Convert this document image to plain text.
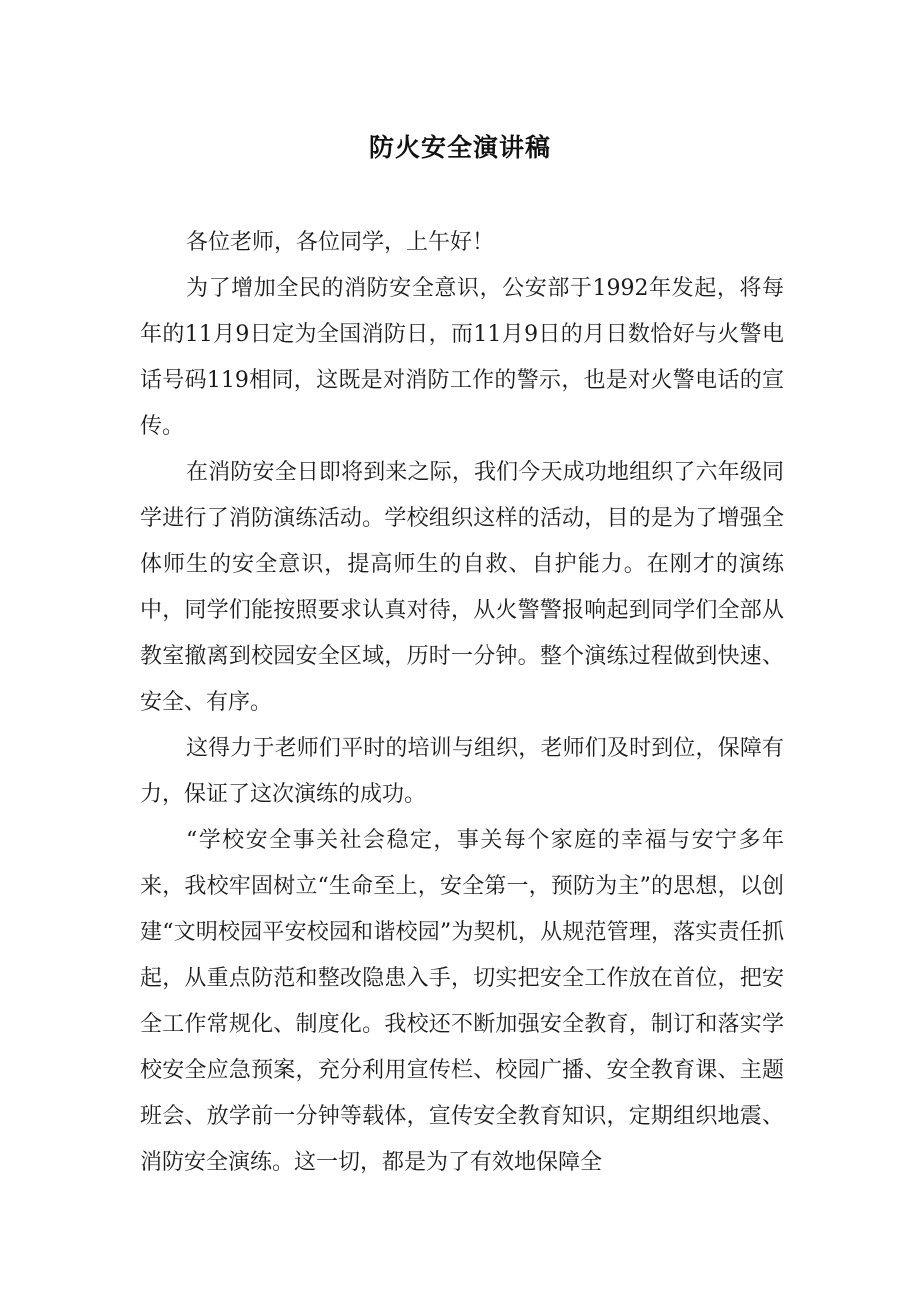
防火安全演讲稿

各位老师，各位同学，上午好！

为了增加全民的消防安全意识，公安部于1992年发起，将每年的11月9日定为全国消防日，而11月9日的月日数恰好与火警电话号码119相同，这既是对消防工作的警示，也是对火警电话的宣传。

在消防安全日即将到来之际，我们今天成功地组织了六年级同学进行了消防演练活动。学校组织这样的活动，目的是为了增强全体师生的安全意识，提高师生的自救、自护能力。在刚才的演练中，同学们能按照要求认真对待，从火警警报响起到同学们全部从教室撤离到校园安全区域，历时一分钟。整个演练过程做到快速、安全、有序。

这得力于老师们平时的培训与组织，老师们及时到位，保障有力，保证了这次演练的成功。

“学校安全事关社会稳定，事关每个家庭的幸福与安宁多年来，我校牢固树立“生命至上，安全第一，预防为主”的思想，以创建“文明校园平安校园和谐校园”为契机，从规范管理，落实责任抓起，从重点防范和整改隐患入手，切实把安全工作放在首位，把安全工作常规化、制度化。我校还不断加强安全教育，制订和落实学校安全应急预案，充分利用宣传栏、校园广播、安全教育课、主题班会、放学前一分钟等载体，宣传安全教育知识，定期组织地震、消防安全演练。这一切，都是为了有效地保障全
